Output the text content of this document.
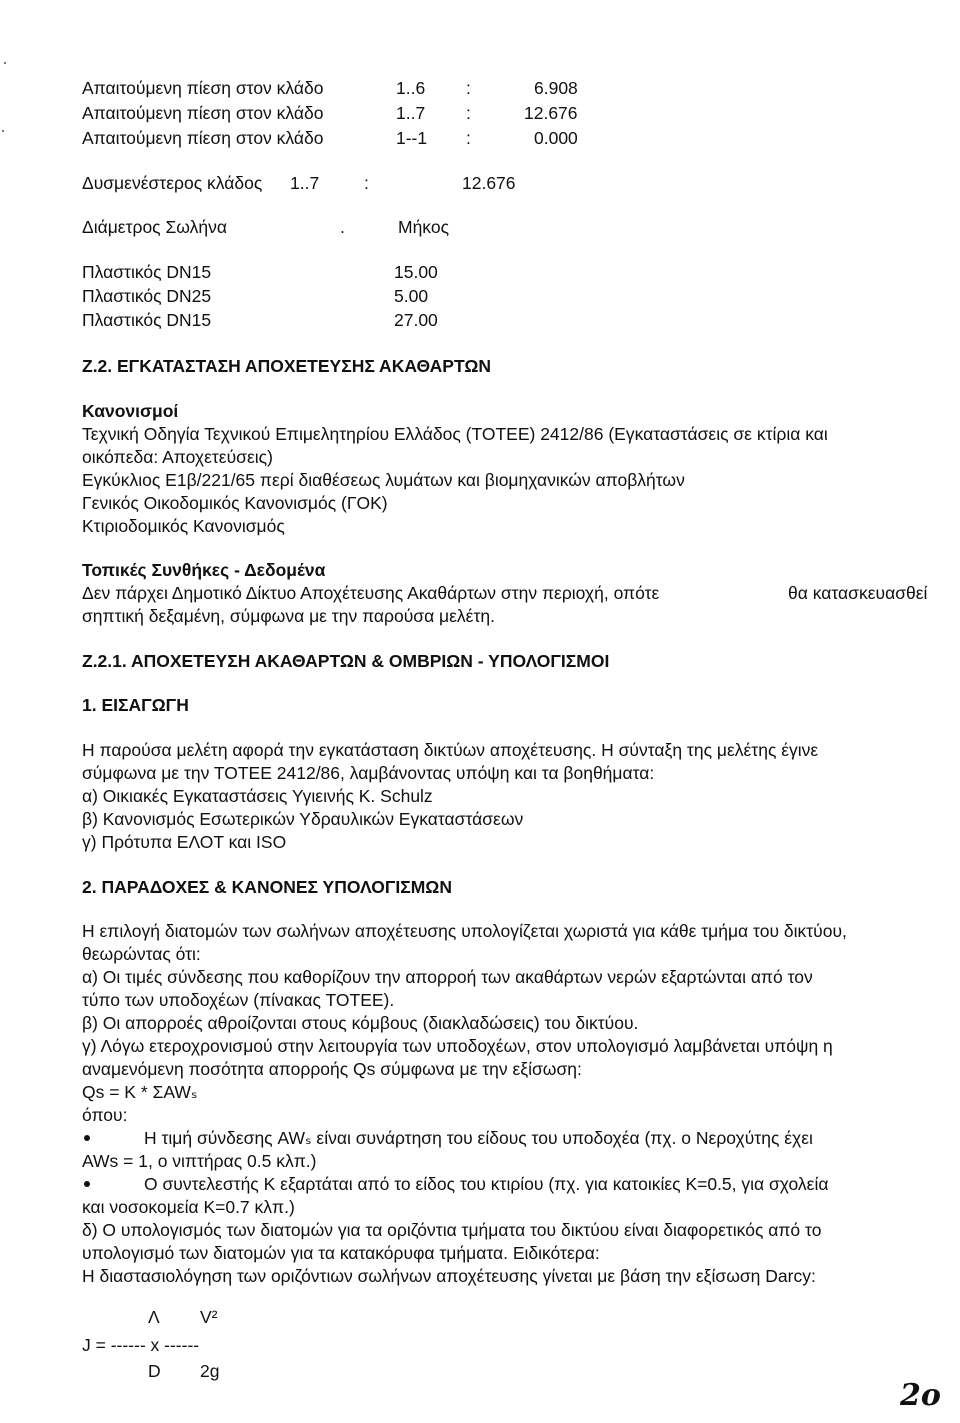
Απαιτούμενη πίεση στον κλάδο	1..6 :	6.908
Απαιτούμενη πίεση στον κλάδο	1..7 :	12.676
Απαιτούμενη πίεση στον κλάδο	1--1 :	0.000
Δυσμενέστερος κλάδος 1..7	:	12.676
Διάμετρος Σωλήνα	.	Μήκος
Πλαστικός DN15	15.00
Πλαστικός DN25	5.00
Πλαστικός DN15	27.00
Ζ.2. ΕΓΚΑΤΑΣΤΑΣΗ ΑΠΟΧΕΤΕΥΣΗΣ ΑΚΑΘΑΡΤΩΝ
Κανονισμοί
Τεχνική Οδηγία Τεχνικού Επιμελητηρίου Ελλάδος (ΤΟΤΕΕ) 2412/86 (Εγκαταστάσεις σε κτίρια και
οικόπεδα: Αποχετεύσεις)
Εγκύκλιος Ε1β/221/65 περί διαθέσεως λυμάτων και βιομηχανικών αποβλήτων
Γενικός Οικοδομικός Κανονισμός (ΓΟΚ)
Κτιριοδομικός Κανονισμός
Τοπικές Συνθήκες - Δεδομένα
Δεν πάρχει Δημοτικό Δίκτυο Αποχέτευσης Ακαθάρτων στην περιοχή, οπότε	θα κατασκευασθεί
σηπτική δεξαμένη, σύμφωνα με την παρούσα μελέτη.
Ζ.2.1. ΑΠΟΧΕΤΕΥΣΗ ΑΚΑΘΑΡΤΩΝ & ΟΜΒΡΙΩΝ - ΥΠΟΛΟΓΙΣΜΟΙ
1. ΕΙΣΑΓΩΓΗ
Η παρούσα μελέτη αφορά την εγκατάσταση δικτύων αποχέτευσης. Η σύνταξη της μελέτης έγινε
σύμφωνα με την ΤΟΤΕΕ 2412/86, λαμβάνοντας υπόψη και τα βοηθήματα:
α) Οικιακές Εγκαταστάσεις Υγιεινής Κ. Schulz
β) Κανονισμός Εσωτερικών Υδραυλικών Εγκαταστάσεων
γ) Πρότυπα ΕΛΟΤ και ISO
2. ΠΑΡΑΔΟΧΕΣ & ΚΑΝΟΝΕΣ ΥΠΟΛΟΓΙΣΜΩΝ
Η επιλογή διατομών των σωλήνων αποχέτευσης υπολογίζεται χωριστά για κάθε τμήμα του δικτύου,
θεωρώντας ότι:
α) Οι τιμές σύνδεσης που καθορίζουν την απορροή των ακαθάρτων νερών εξαρτώνται από τον
τύπο των υποδοχέων (πίνακας ΤΟΤΕΕ).
β) Οι απορροές αθροίζονται στους κόμβους (διακλαδώσεις) του δικτύου.
γ) Λόγω ετεροχρονισμού στην λειτουργία των υποδοχέων, στον υπολογισμό λαμβάνεται υπόψη η
αναμενόμενη ποσότητα απορροής Qs σύμφωνα με την εξίσωση:
Qs = K * ΣAWₛ
όπου:
Η τιμή σύνδεσης AWₛ είναι συνάρτηση του είδους του υποδοχέα (πχ. ο Νεροχύτης έχει
AWs = 1, ο νιπτήρας 0.5 κλπ.)
Ο συντελεστής Κ εξαρτάται από το είδος του κτιρίου (πχ. για κατοικίες K=0.5, για σχολεία
και νοσοκομεία K=0.7 κλπ.)
δ) Ο υπολογισμός των διατομών για τα οριζόντια τμήματα του δικτύου είναι διαφορετικός από το
υπολογισμό των διατομών για τα κατακόρυφα τμήματα. Ειδικότερα:
Η διαστασιολόγηση των οριζόντιων σωλήνων αποχέτευσης γίνεται με βάση την εξίσωση Darcy:
Λ V²
J = ------ x ------
D 2g
2o
